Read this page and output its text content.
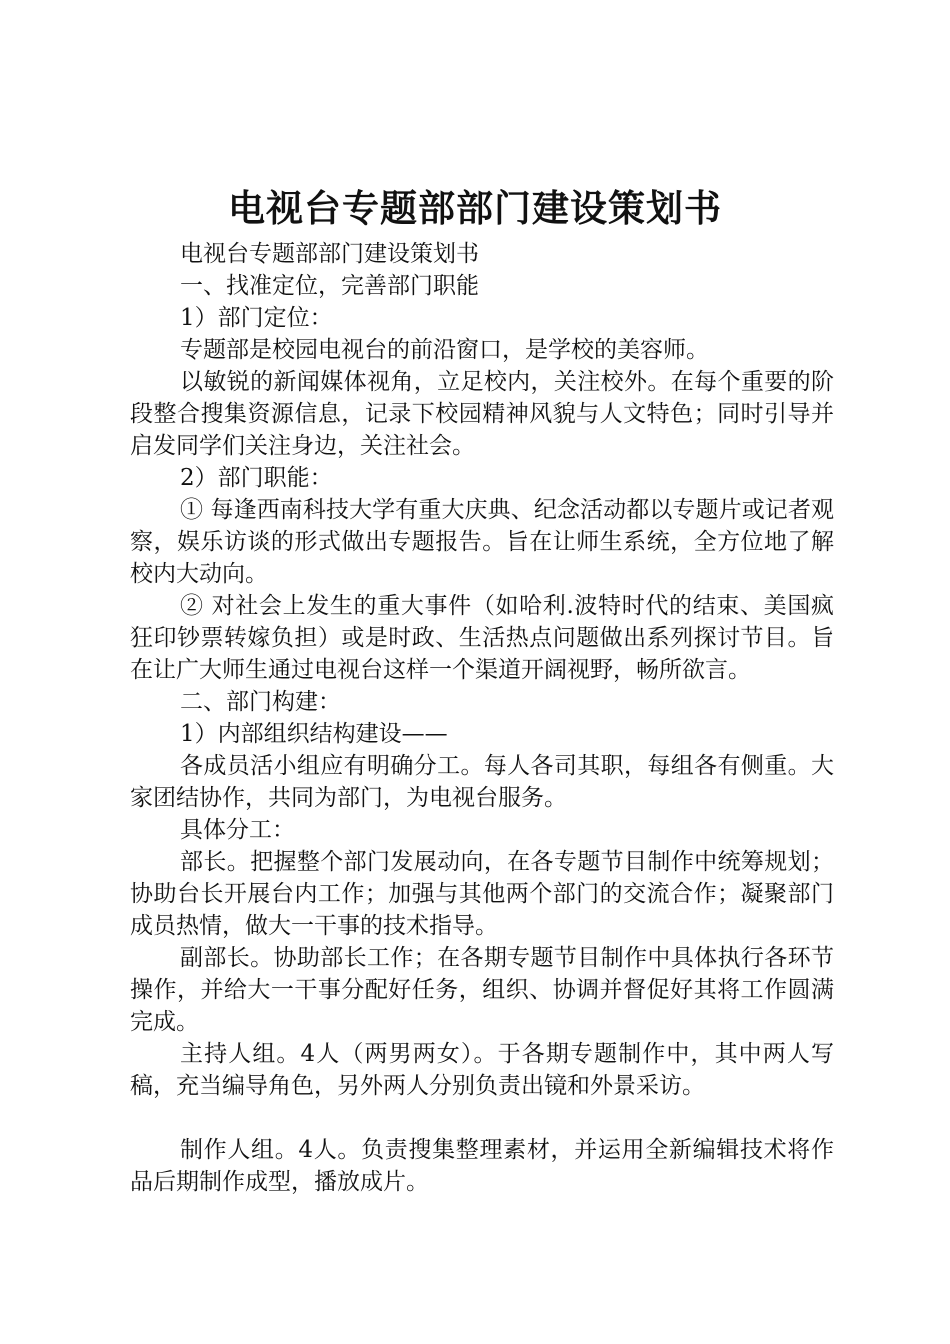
电视台专题部部门建设策划书

电视台专题部部门建设策划书

一、找准定位，完善部门职能

1）部门定位：

专题部是校园电视台的前沿窗口，是学校的美容师。

以敏锐的新闻媒体视角，立足校内，关注校外。在每个重要的阶段整合搜集资源信息，记录下校园精神风貌与人文特色；同时引导并启发同学们关注身边，关注社会。

2）部门职能：

① 每逢西南科技大学有重大庆典、纪念活动都以专题片或记者观察，娱乐访谈的形式做出专题报告。旨在让师生系统，全方位地了解校内大动向。

② 对社会上发生的重大事件（如哈利.波特时代的结束、美国疯狂印钞票转嫁负担）或是时政、生活热点问题做出系列探讨节目。旨在让广大师生通过电视台这样一个渠道开阔视野，畅所欲言。

二、部门构建：

1）内部组织结构建设——

各成员活小组应有明确分工。每人各司其职，每组各有侧重。大家团结协作，共同为部门，为电视台服务。

具体分工：

部长。把握整个部门发展动向，在各专题节目制作中统筹规划；协助台长开展台内工作；加强与其他两个部门的交流合作；凝聚部门成员热情，做大一干事的技术指导。

副部长。协助部长工作；在各期专题节目制作中具体执行各环节操作，并给大一干事分配好任务，组织、协调并督促好其将工作圆满完成。

主持人组。4人（两男两女）。于各期专题制作中，其中两人写稿，充当编导角色，另外两人分别负责出镜和外景采访。

制作人组。4人。负责搜集整理素材，并运用全新编辑技术将作品后期制作成型，播放成片。
